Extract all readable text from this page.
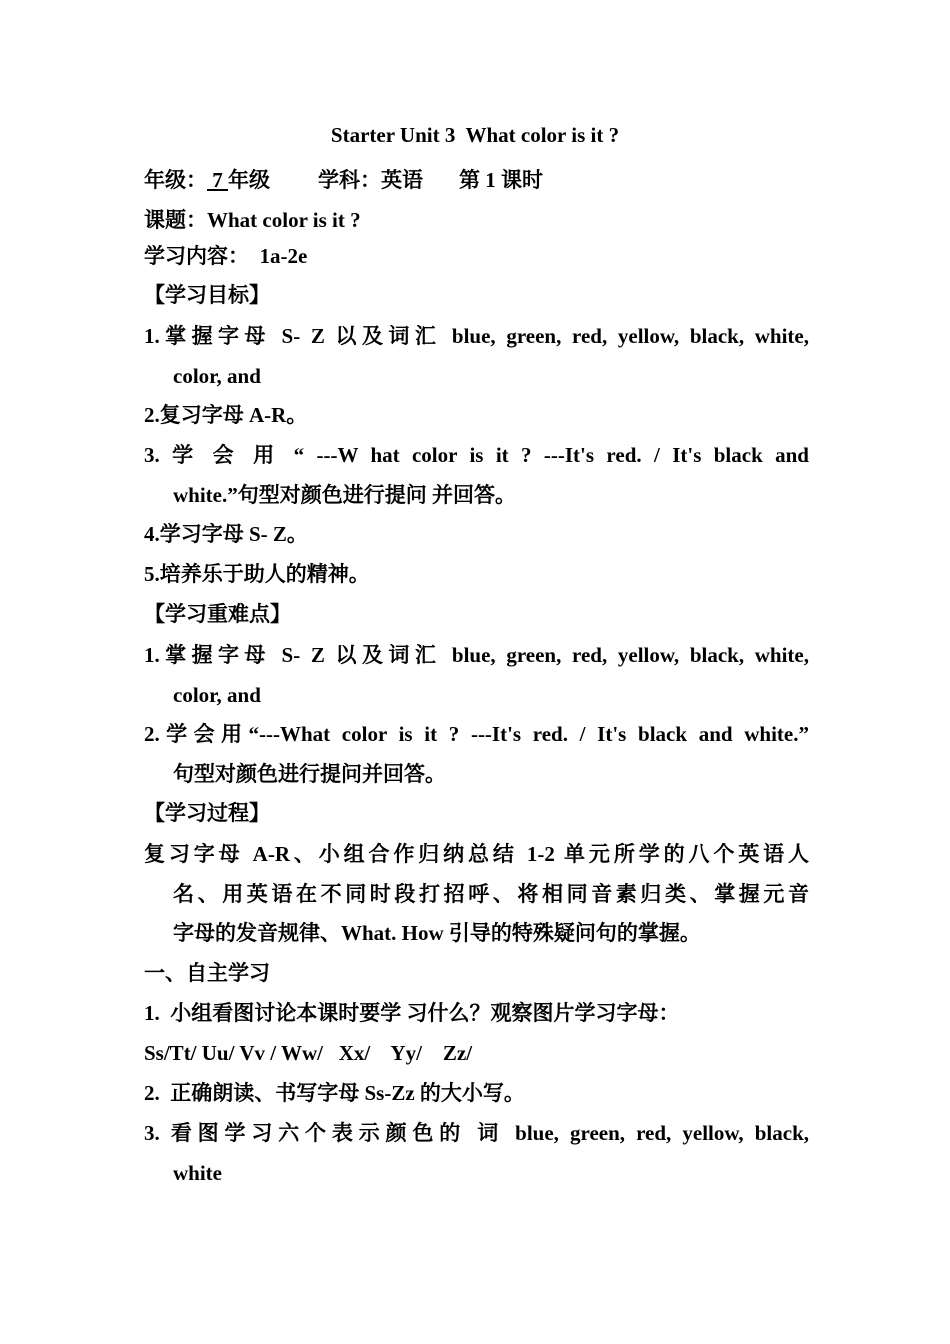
Starter Unit 3  What color is it ?
年级： 7 年级 学科：英语 第 1 课时
课题：What color is it ?
学习内容：  1a-2e
【学习目标】
1.掌握字母 S- Z 以及词汇 blue, green, red, yellow, black, white,
color, and
2.复习字母 A-R。
3. 学 会 用 “ ---W hat color is it ? ---It's red. / It's black and
white.”句型对颜色进行提问 并回答。
4.学习字母 S- Z。
5.培养乐于助人的精神。
【学习重难点】
1.掌握字母 S- Z 以及词汇 blue, green, red, yellow, black, white,
color, and
2.学会用“---What color is it ? ---It's red. / It's black and white.”
句型对颜色进行提问并回答。
【学习过程】
复习字母 A-R、小组合作归纳总结 1-2 单元所学的八个英语人
名、用英语在不同时段打招呼、将相同音素归类、掌握元音
字母的发音规律、What. How 引导的特殊疑问句的掌握。
一、自主学习
1.  小组看图讨论本课时要学 习什么？观察图片学习字母：
Ss/Tt/ Uu/ Vv / Ww/   Xx/    Yy/    Zz/
2.  正确朗读、书写字母 Ss-Zz 的大小写。
3. 看图学习六个表示颜色的 词 blue, green, red, yellow, black,
white
